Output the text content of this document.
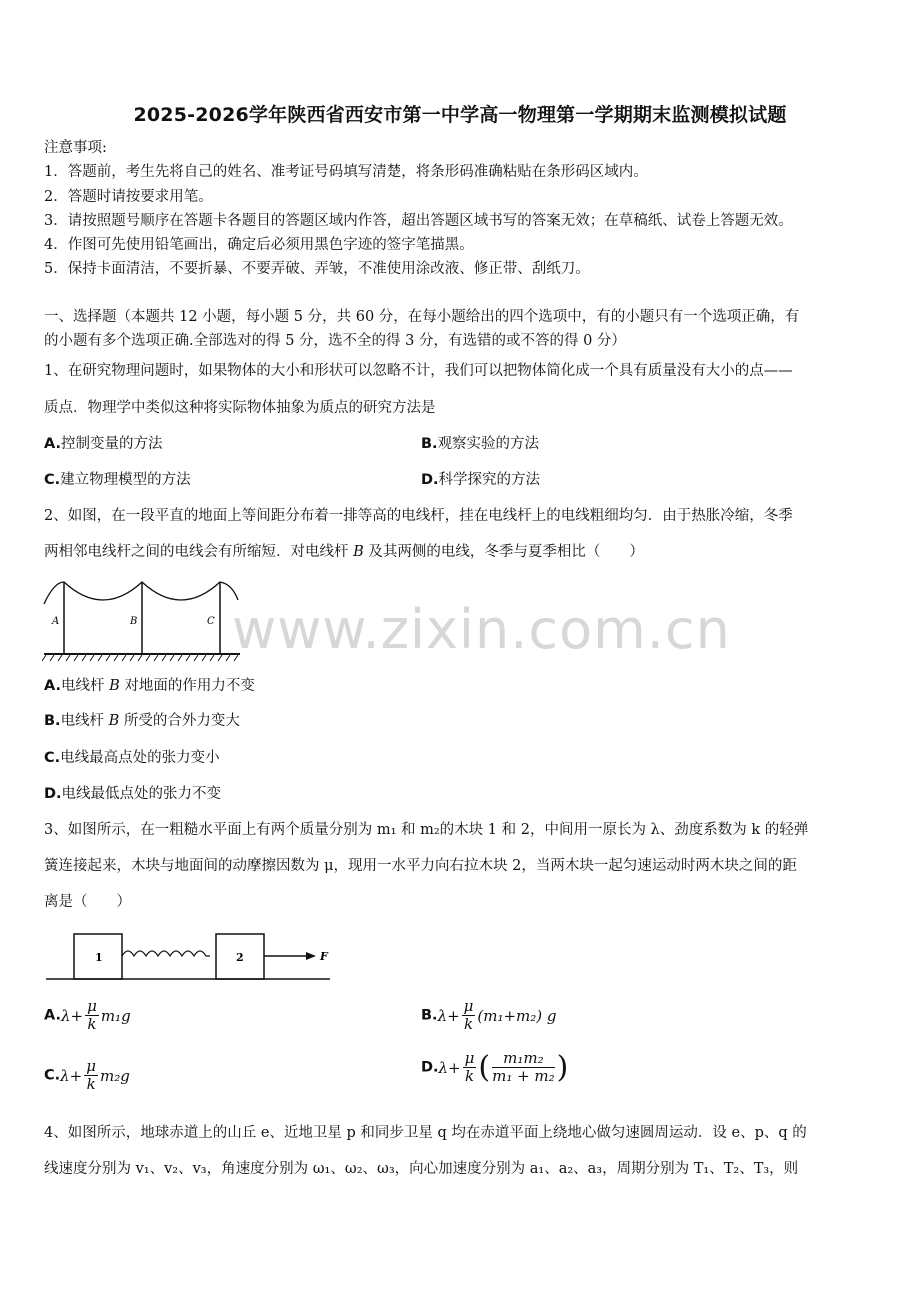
2025-2026学年陕西省西安市第一中学高一物理第一学期期末监测模拟试题
注意事项:
1．答题前，考生先将自己的姓名、准考证号码填写清楚，将条形码准确粘贴在条形码区域内。
2．答题时请按要求用笔。
3．请按照题号顺序在答题卡各题目的答题区域内作答，超出答题区域书写的答案无效；在草稿纸、试卷上答题无效。
4．作图可先使用铅笔画出，确定后必须用黑色字迹的签字笔描黑。
5．保持卡面清洁，不要折暴、不要弄破、弄皱，不准使用涂改液、修正带、刮纸刀。
一、选择题（本题共 12 小题，每小题 5 分，共 60 分，在每小题给出的四个选项中，有的小题只有一个选项正确，有
的小题有多个选项正确.全部选对的得 5 分，选不全的得 3 分，有选错的或不答的得 0 分）
1、在研究物理问题时，如果物体的大小和形状可以忽略不计，我们可以把物体简化成一个具有质量没有大小的点——
质点．物理学中类似这种将实际物体抽象为质点的研究方法是
A.控制变量的方法	B.观察实验的方法
C.建立物理模型的方法	D.科学探究的方法
2、如图，在一段平直的地面上等间距分布着一排等高的电线杆，挂在电线杆上的电线粗细均匀．由于热胀冷缩，冬季
两相邻电线杆之间的电线会有所缩短．对电线杆 B 及其两侧的电线，冬季与夏季相比（　　）
A	B	C www.zixin.com.cn
A.电线杆 B 对地面的作用力不变
B.电线杆 B 所受的合外力变大
C.电线最高点处的张力变小
D.电线最低点处的张力不变
3、如图所示，在一粗糙水平面上有两个质量分别为 m₁ 和 m₂的木块 1 和 2，中间用一原长为 λ、劲度系数为 k 的轻弹
簧连接起来，木块与地面间的动摩擦因数为 μ，现用一水平力向右拉木块 2，当两木块一起匀速运动时两木块之间的距
离是（　　）
1	2	F
$A.\lambda+ \frac{\mu}{k} m_1g$	$B.\lambda+ \frac{\mu}{k} (m_1+m_2)$ g
$C.\lambda+ \frac{\mu}{k} m_2g$	$D.\lambda+ \frac{\mu}{k}$ ( $\frac{\text{m₁m₂}}{\text{m₁ + m₂}}$ )
4、如图所示，地球赤道上的山丘 e、近地卫星 p 和同步卫星 q 均在赤道平面上绕地心做匀速圆周运动．设 e、p、q 的
线速度分别为 v₁、v₂、v₃，角速度分别为 ω₁、ω₂、ω₃，向心加速度分别为 a₁、a₂、a₃，周期分别为 T₁、T₂、T₃，则
